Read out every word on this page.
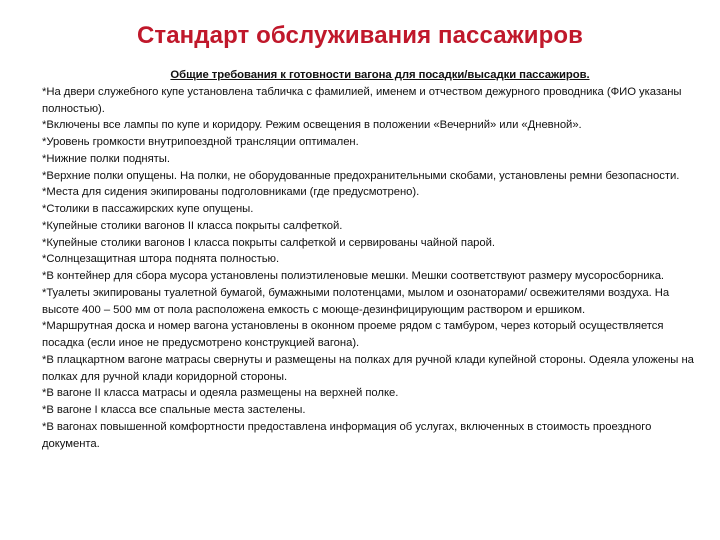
Стандарт обслуживания пассажиров
Общие требования к готовности вагона для посадки/высадки пассажиров.

*На двери служебного купе установлена табличка с фамилией, именем и отчеством дежурного проводника (ФИО указаны полностью).

*Включены все лампы по купе и коридору. Режим освещения в положении «Вечерний» или «Дневной».

*Уровень громкости внутрипоездной трансляции оптимален.

*Нижние полки подняты.

*Верхние полки опущены. На полки, не оборудованные предохранительными скобами, установлены ремни безопасности.

*Места для сидения экипированы подголовниками (где предусмотрено).

*Столики в пассажирских купе опущены.

*Купейные столики вагонов II класса покрыты салфеткой.

*Купейные столики вагонов I класса покрыты салфеткой и сервированы чайной парой.

*Солнцезащитная штора поднята полностью.

*В контейнер для сбора мусора установлены полиэтиленовые мешки. Мешки соответствуют размеру мусоросборника.

*Туалеты экипированы туалетной бумагой, бумажными полотенцами, мылом и озонаторами/ освежителями воздуха. На высоте 400 – 500 мм от пола расположена емкость с моюще-дезинфицирующим раствором и ершиком.

*Маршрутная доска и номер вагона установлены в оконном проеме рядом с тамбуром, через который осуществляется посадка (если иное не предусмотрено конструкцией вагона).

*В плацкартном вагоне матрасы свернуты и размещены на полках для ручной клади купейной стороны. Одеяла уложены на полках для ручной клади коридорной стороны.

*В вагоне II класса матрасы и одеяла размещены на верхней полке.

*В вагоне I класса все спальные места застелены.

*В вагонах повышенной комфортности предоставлена информация об услугах, включенных в стоимость проездного документа.
